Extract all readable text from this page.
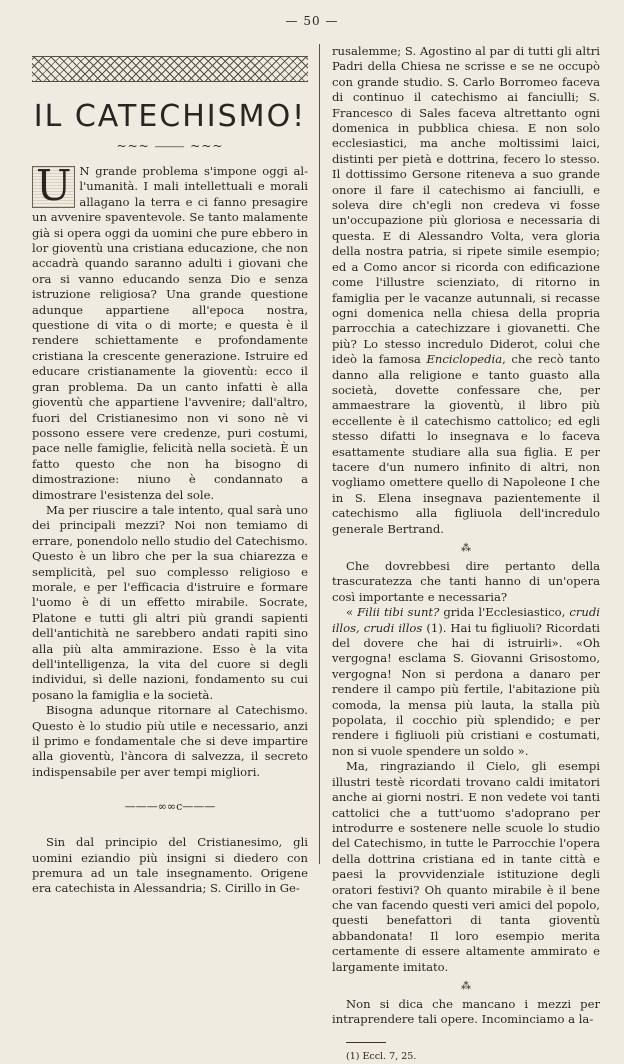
— 50 —
IL CATECHISMO!
~~~ ⸻ ~~~

U N grande problema s'impone oggi al-l'umanità. I mali intellettuali e morali allagano la terra e ci fanno presagire un avvenire spaventevole. Se tanto malamente già si opera oggi da uomini che pure ebbero in lor gioventù una cristiana educazione, che non accadrà quando saranno adulti i giovani che ora si vanno educando senza Dio e senza istruzione religiosa? Una grande questione adunque appartiene all'epoca nostra, questione di vita o di morte; e questa è il rendere schiettamente e profondamente cristiana la crescente generazione. Istruire ed educare cristianamente la gioventù: ecco il gran problema. Da un canto infatti è alla gioventù che appartiene l'avvenire; dall'altro, fuori del Cristianesimo non vi sono nè vi possono essere vere credenze, puri costumi, pace nelle famiglie, felicità nella società. È un fatto questo che non ha bisogno di dimostrazione: niuno è condannato a dimostrare l'esistenza del sole.

Ma per riuscire a tale intento, qual sarà uno dei principali mezzi? Noi non temiamo di errare, ponendolo nello studio del Catechismo. Questo è un libro che per la sua chiarezza e semplicità, pel suo complesso religioso e morale, e per l'efficacia d'istruire e formare l'uomo è di un effetto mirabile. Socrate, Platone e tutti gli altri più grandi sapienti dell'antichità ne sarebbero andati rapiti sino alla più alta ammirazione. Esso è la vita dell'intelligenza, la vita del cuore si degli individui, sì delle nazioni, fondamento su cui posano la famiglia e la società.

Bisogna adunque ritornare al Catechismo. Questo è lo studio più utile e necessario, anzi il primo e fondamentale che si deve impartire alla gioventù, l'àncora di salvezza, il secreto indispensabile per aver tempi migliori.

———∞∞c———

Sin dal principio del Cristianesimo, gli uomini eziandio più insigni si diedero con premura ad un tale insegnamento. Origene era catechista in Alessandria; S. Cirillo in Ge-

rusalemme; S. Agostino al par di tutti gli altri Padri della Chiesa ne scrisse e se ne occupò con grande studio. S. Carlo Borromeo faceva di continuo il catechismo ai fanciulli; S. Francesco di Sales faceva altrettanto ogni domenica in pubblica chiesa. E non solo ecclesiastici, ma anche moltissimi laici, distinti per pietà e dottrina, fecero lo stesso. Il dottissimo Gersone riteneva a suo grande onore il fare il catechismo ai fanciulli, e soleva dire ch'egli non credeva vi fosse un'occupazione più gloriosa e necessaria di questa. E di Alessandro Volta, vera gloria della nostra patria, si ripete simile esempio; ed a Como ancor si ricorda con edificazione come l'illustre scienziato, di ritorno in famiglia per le vacanze autunnali, si recasse ogni domenica nella chiesa della propria parrocchia a catechizzare i giovanetti. Che più? Lo stesso incredulo Diderot, colui che ideò la famosa Enciclopedia, che recò tanto danno alla religione e tanto guasto alla società, dovette confessare che, per ammaestrare la gioventù, il libro più eccellente è il catechismo cattolico; ed egli stesso difatti lo insegnava e lo faceva esattamente studiare alla sua figlia. E per tacere d'un numero infinito di altri, non vogliamo omettere quello di Napoleone I che in S. Elena insegnava pazientemente il catechismo alla figliuola dell'incredulo generale Bertrand.

⁂

Che dovrebbesi dire pertanto della trascuratezza che tanti hanno di un'opera così importante e necessaria?

« Filii tibi sunt? grida l'Ecclesiastico, crudi illos, crudi illos (1). Hai tu figliuoli? Ricordati del dovere che hai di istruirli». «Oh vergogna! esclama S. Giovanni Grisostomo, vergogna! Non si perdona a danaro per rendere il campo più fertile, l'abitazione più comoda, la mensa più lauta, la stalla più popolata, il cocchio più splendido; e per rendere i figliuoli più cristiani e costumati, non si vuole spendere un soldo ».

Ma, ringraziando il Cielo, gli esempi illustri testè ricordati trovano caldi imitatori anche ai giorni nostri. E non vedete voi tanti cattolici che a tutt'uomo s'adoprano per introdurre e sostenere nelle scuole lo studio del Catechismo, in tutte le Parrocchie l'opera della dottrina cristiana ed in tante città e paesi la provvidenziale istituzione degli oratori festivi? Oh quanto mirabile è il bene che van facendo questi veri amici del popolo, questi benefattori di tanta gioventù abbandonata! Il loro esempio merita certamente di essere altamente ammirato e largamente imitato.

⁂

Non si dica che mancano i mezzi per intraprendere tali opere. Incominciamo a la-

(1) Eccl. 7, 25.
